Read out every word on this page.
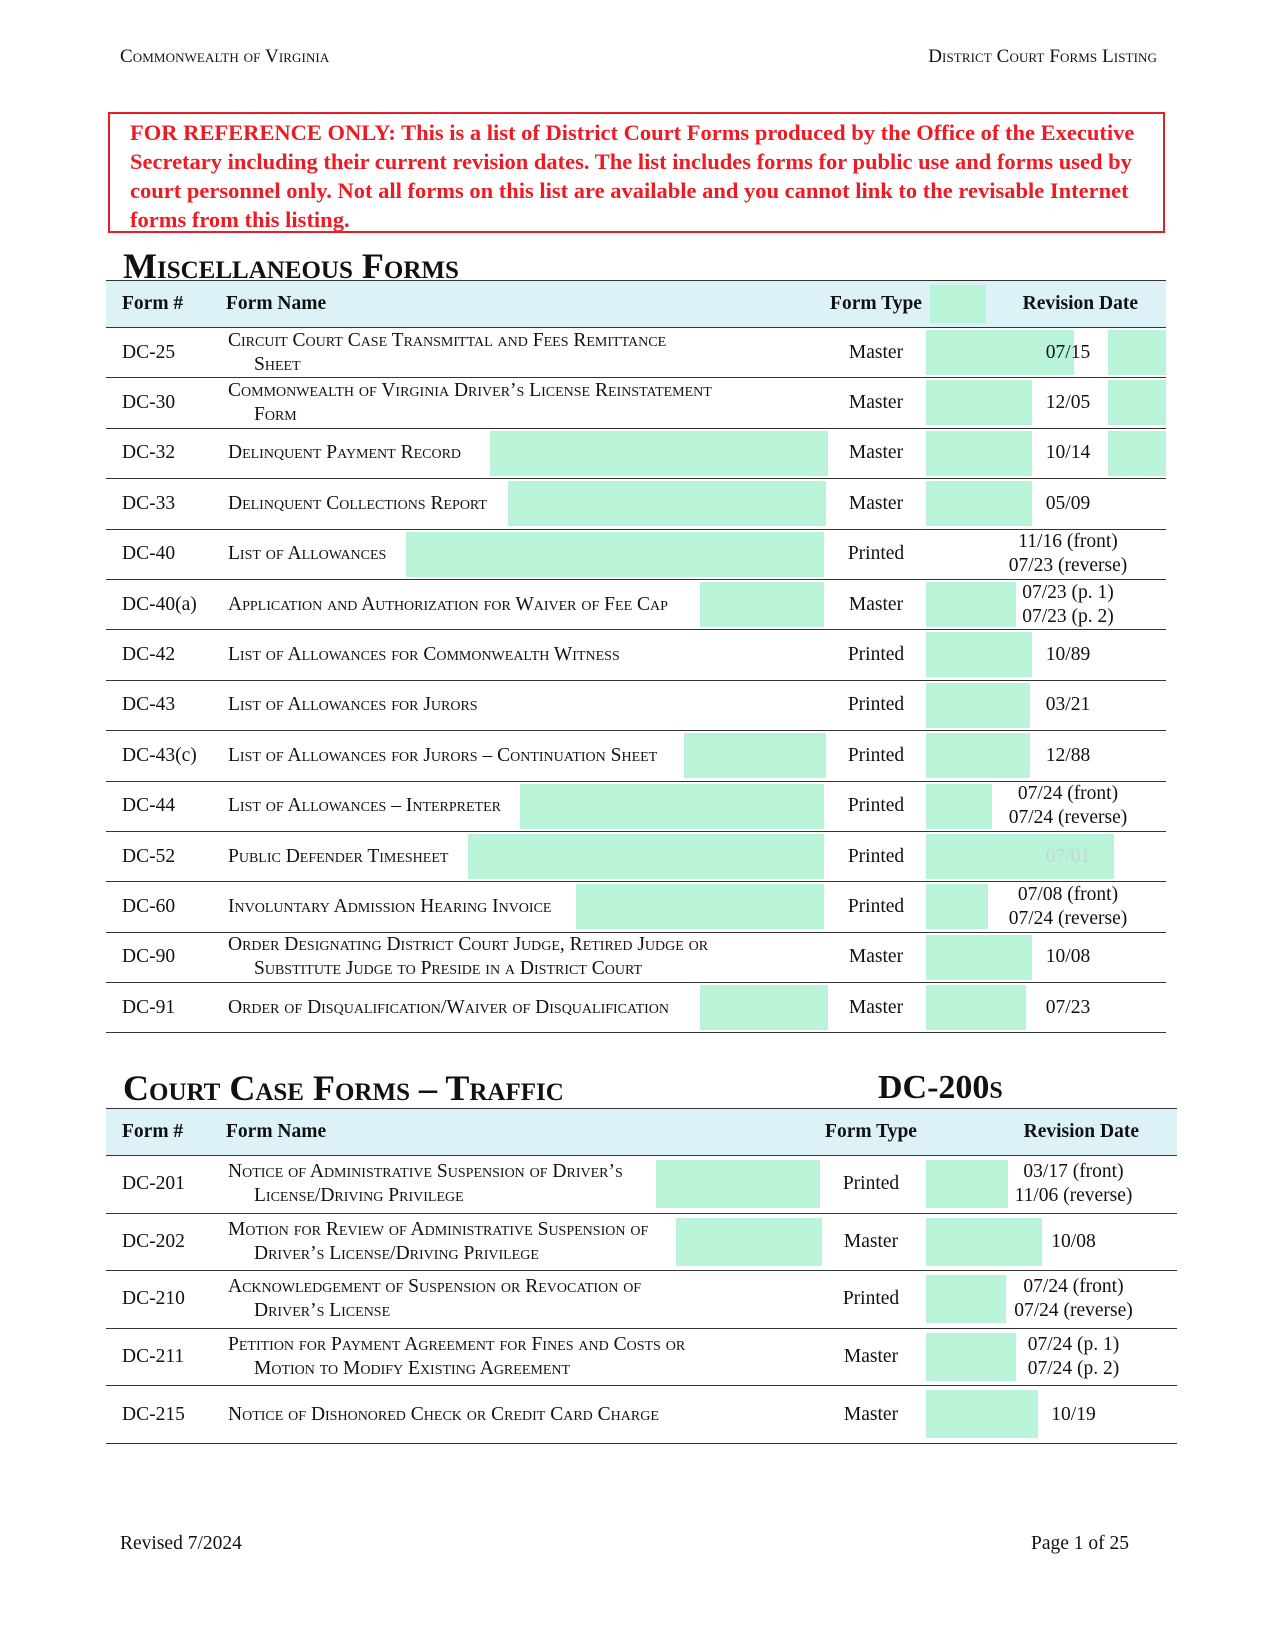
Commonwealth of Virginia	District Court Forms Listing

FOR REFERENCE ONLY: This is a list of District Court Forms produced by the Office of the Executive Secretary including their current revision dates. The list includes forms for public use and forms used by court personnel only. Not all forms on this list are available and you cannot link to the revisable Internet forms from this listing.

Miscellaneous Forms
Form #	Form Name	Form Type	Revision Date
DC-25	Circuit Court Case Transmittal and Fees Remittance
Sheet	Master	07/15

DC-30	Commonwealth of Virginia Driver’s License Reinstatement
Form	Master	12/05

DC-32	Delinquent Payment Record	Master	10/14

DC-33	Delinquent Collections Report	Master	05/09

DC-40	List of Allowances	Printed	11/16 (front)
07/23 (reverse)

DC-40(a)	Application and Authorization for Waiver of Fee Cap	Master	07/23 (p. 1)
07/23 (p. 2)

DC-42	List of Allowances for Commonwealth Witness	Printed	10/89

DC-43	List of Allowances for Jurors	Printed	03/21

DC-43(c)	List of Allowances for Jurors – Continuation Sheet	Printed	12/88

DC-44	List of Allowances – Interpreter	Printed	07/24 (front)
07/24 (reverse)

DC-52	Public Defender Timesheet	Printed	07/01

DC-60	Involuntary Admission Hearing Invoice	Printed	07/08 (front)
07/24 (reverse)

DC-90	Order Designating District Court Judge, Retired Judge or
Substitute Judge to Preside in a District Court	Master	10/08

DC-91	Order of Disqualification/Waiver of Disqualification	Master	07/23
Court Case Forms – Traffic	DC-200s
Form #	Form Name	Form Type	Revision Date
DC-201	Notice of Administrative Suspension of Driver’s
License/Driving Privilege	Printed	03/17 (front)
11/06 (reverse)

DC-202	Motion for Review of Administrative Suspension of
Driver’s License/Driving Privilege	Master	10/08

DC-210	Acknowledgement of Suspension or Revocation of
Driver’s License	Printed	07/24 (front)
07/24 (reverse)

DC-211	Petition for Payment Agreement for Fines and Costs or
Motion to Modify Existing Agreement	Master	07/24 (p. 1)
07/24 (p. 2)

DC-215	Notice of Dishonored Check or Credit Card Charge	Master	10/19
Revised 7/2024	Page 1 of 25
